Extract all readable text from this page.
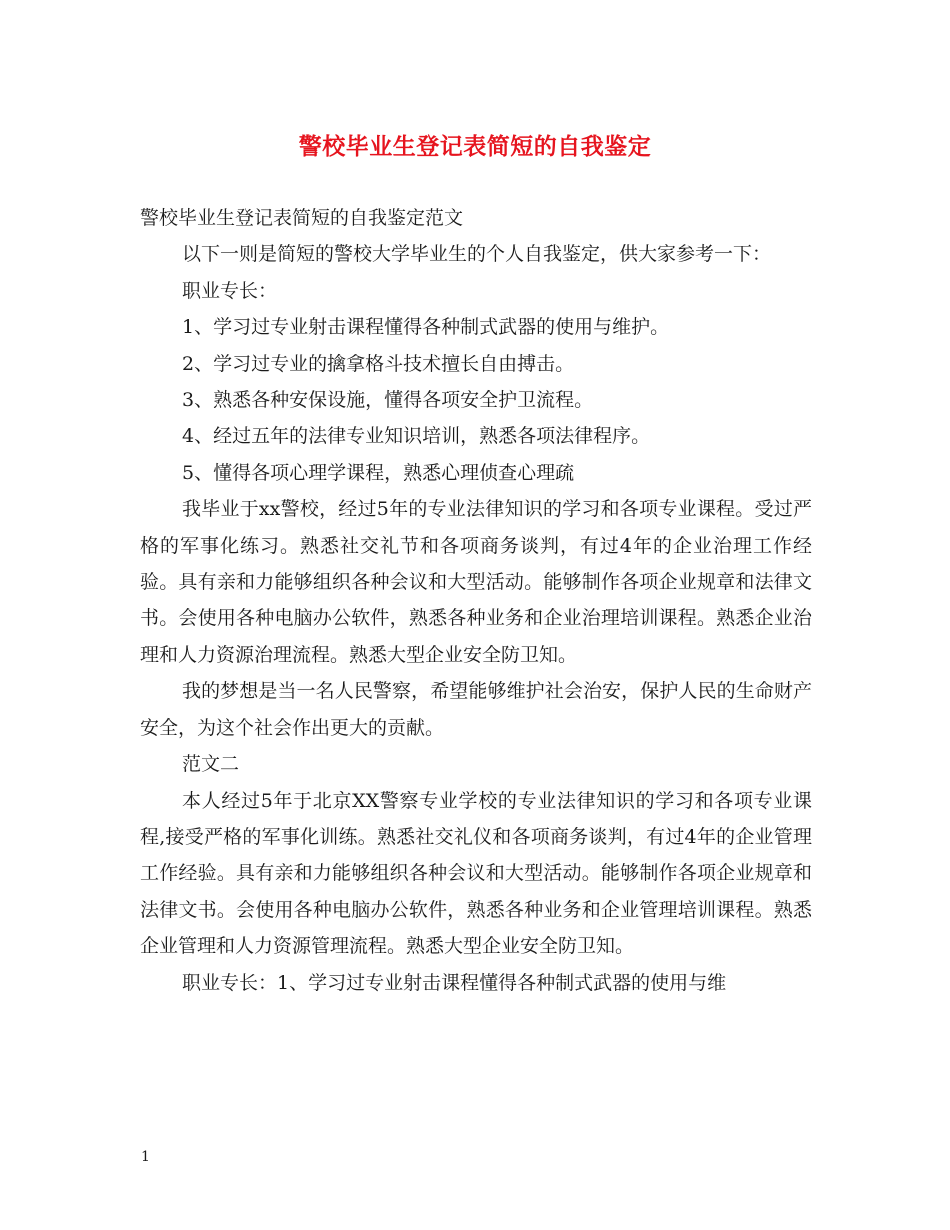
警校毕业生登记表简短的自我鉴定

警校毕业生登记表简短的自我鉴定范文

以下一则是简短的警校大学毕业生的个人自我鉴定，供大家参考一下：

职业专长：

1、学习过专业射击课程懂得各种制式武器的使用与维护。

2、学习过专业的擒拿格斗技术擅长自由搏击。

3、熟悉各种安保设施，懂得各项安全护卫流程。

4、经过五年的法律专业知识培训，熟悉各项法律程序。

5、懂得各项心理学课程，熟悉心理侦查心理疏

我毕业于xx警校，经过5年的专业法律知识的学习和各项专业课程。受过严格的军事化练习。熟悉社交礼节和各项商务谈判，有过4年的企业治理工作经验。具有亲和力能够组织各种会议和大型活动。能够制作各项企业规章和法律文书。会使用各种电脑办公软件，熟悉各种业务和企业治理培训课程。熟悉企业治理和人力资源治理流程。熟悉大型企业安全防卫知。

我的梦想是当一名人民警察，希望能够维护社会治安，保护人民的生命财产安全，为这个社会作出更大的贡献。

范文二

本人经过5年于北京XX警察专业学校的专业法律知识的学习和各项专业课程,接受严格的军事化训练。熟悉社交礼仪和各项商务谈判，有过4年的企业管理工作经验。具有亲和力能够组织各种会议和大型活动。能够制作各项企业规章和法律文书。会使用各种电脑办公软件，熟悉各种业务和企业管理培训课程。熟悉企业管理和人力资源管理流程。熟悉大型企业安全防卫知。

职业专长：1、学习过专业射击课程懂得各种制式武器的使用与维

1
